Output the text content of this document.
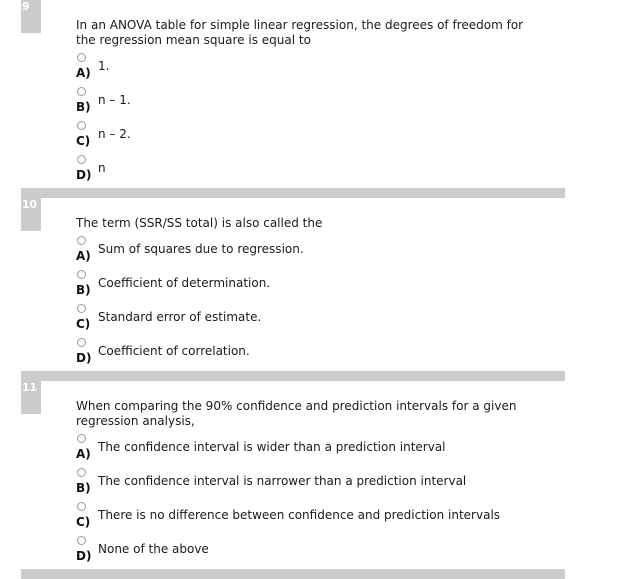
9

In an ANOVA table for simple linear regression, the degrees of freedom for the regression mean square is equal to

A) 1.
B) n – 1.
C) n – 2.
D) n
10

The term (SSR/SS total) is also called the

A) Sum of squares due to regression.
B) Coefficient of determination.
C) Standard error of estimate.
D) Coefficient of correlation.
11

When comparing the 90% confidence and prediction intervals for a given regression analysis,

A) The confidence interval is wider than a prediction interval
B) The confidence interval is narrower than a prediction interval
C) There is no difference between confidence and prediction intervals
D) None of the above
